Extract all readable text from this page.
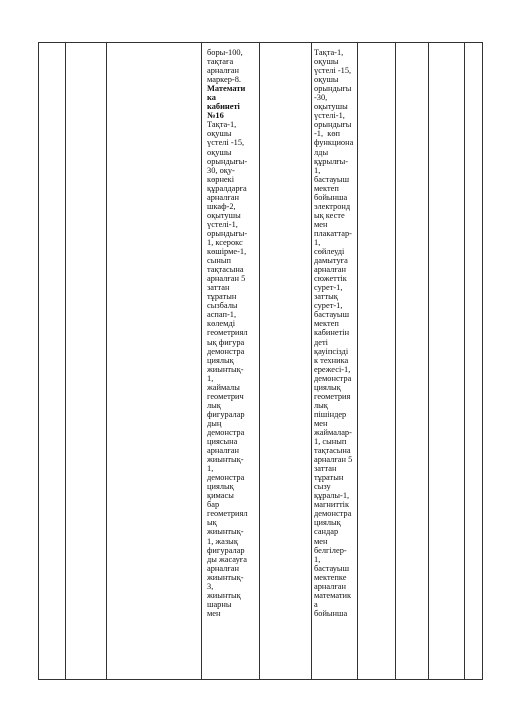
боры-100,
тақтаға
арналған
маркер-8.
Математи
ка
кабинеті
№16
Тақта-1,
оқушы
үстелі -15,
оқушы
орындығы-
30, оқу-
көрнекі
құралдарға
арналған
шкаф-2,
оқытушы
үстелі-1,
орындығы-
1, ксерокс
көшірме-1,
сынып
тақтасына
арналған 5
заттан
тұратын
сызбалы
аспап-1,
көлемді
геометриял
ық фигура
демонстра
циялық
жиынтық-
1,
жаймалы
геометрич
лық
фигуралар
дың
демонстра
циясына
арналған
жиынтық-
1,
демонстра
циялық
қимасы
бар
геометриял
ық
жиынтық-
1, жазық
фигуралар
ды жасауға
арналған
жиынтық-
3,
жиынтық
шарны
мен
Тақта-1,
оқушы
үстелі -15,
оқушы
орындығы
-30,
оқытушы
үстелі-1,
орындығы
-1,  көп
функциона
лды
құрылғы-
1,
бастауыш
мектеп
бойынша
электронд
ық кесте
мен
плакаттар-
1,
сөйлеуді
дамытуға
арналған
сюжеттік
сурет-1,
заттық
сурет-1,
бастауыш
мектеп
кабинетін
деті
қауіпсізді
к техника
ережесі-1,
демонстра
циялық
геометрия
лық
пішіндер
мен
жаймалар-
1, сынып
тақтасына
арналған 5
заттан
тұратын
сызу
құралы-1,
магниттік
демонстра
циялық
сандар
мен
белгілер-
1,
бастауыш
мектепке
арналған
математик
а
бойынша
